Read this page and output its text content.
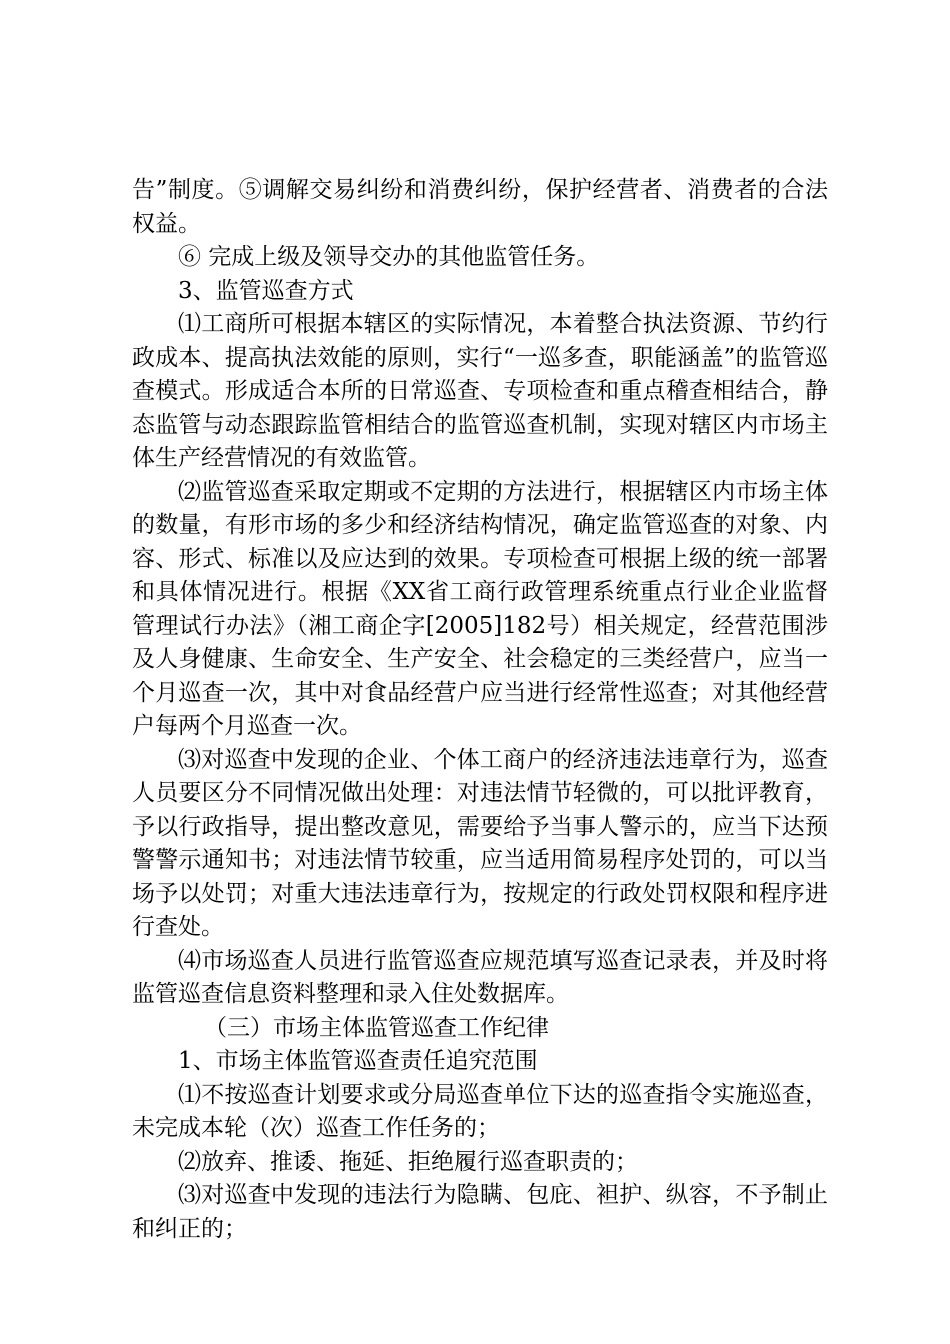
告”制度。⑤调解交易纠纷和消费纠纷，保护经营者、消费者的合法权益。

⑥ 完成上级及领导交办的其他监管任务。

3、监管巡查方式

⑴工商所可根据本辖区的实际情况，本着整合执法资源、节约行政成本、提高执法效能的原则，实行“一巡多查，职能涵盖”的监管巡查模式。形成适合本所的日常巡查、专项检查和重点稽查相结合，静态监管与动态跟踪监管相结合的监管巡查机制，实现对辖区内市场主体生产经营情况的有效监管。

⑵监管巡查采取定期或不定期的方法进行，根据辖区内市场主体的数量，有形市场的多少和经济结构情况，确定监管巡查的对象、内容、形式、标准以及应达到的效果。专项检查可根据上级的统一部署和具体情况进行。根据《XX省工商行政管理系统重点行业企业监督管理试行办法》（湘工商企字[2005]182号）相关规定，经营范围涉及人身健康、生命安全、生产安全、社会稳定的三类经营户，应当一个月巡查一次，其中对食品经营户应当进行经常性巡查；对其他经营户每两个月巡查一次。

⑶对巡查中发现的企业、个体工商户的经济违法违章行为，巡查人员要区分不同情况做出处理：对违法情节轻微的，可以批评教育，予以行政指导，提出整改意见，需要给予当事人警示的，应当下达预警警示通知书；对违法情节较重，应当适用简易程序处罚的，可以当场予以处罚；对重大违法违章行为，按规定的行政处罚权限和程序进行查处。

⑷市场巡查人员进行监管巡查应规范填写巡查记录表，并及时将监管巡查信息资料整理和录入住处数据库。

（三）市场主体监管巡查工作纪律

1、市场主体监管巡查责任追究范围

⑴不按巡查计划要求或分局巡查单位下达的巡查指令实施巡查，未完成本轮（次）巡查工作任务的；

⑵放弃、推诿、拖延、拒绝履行巡查职责的；

⑶对巡查中发现的违法行为隐瞒、包庇、袒护、纵容，不予制止和纠正的；
